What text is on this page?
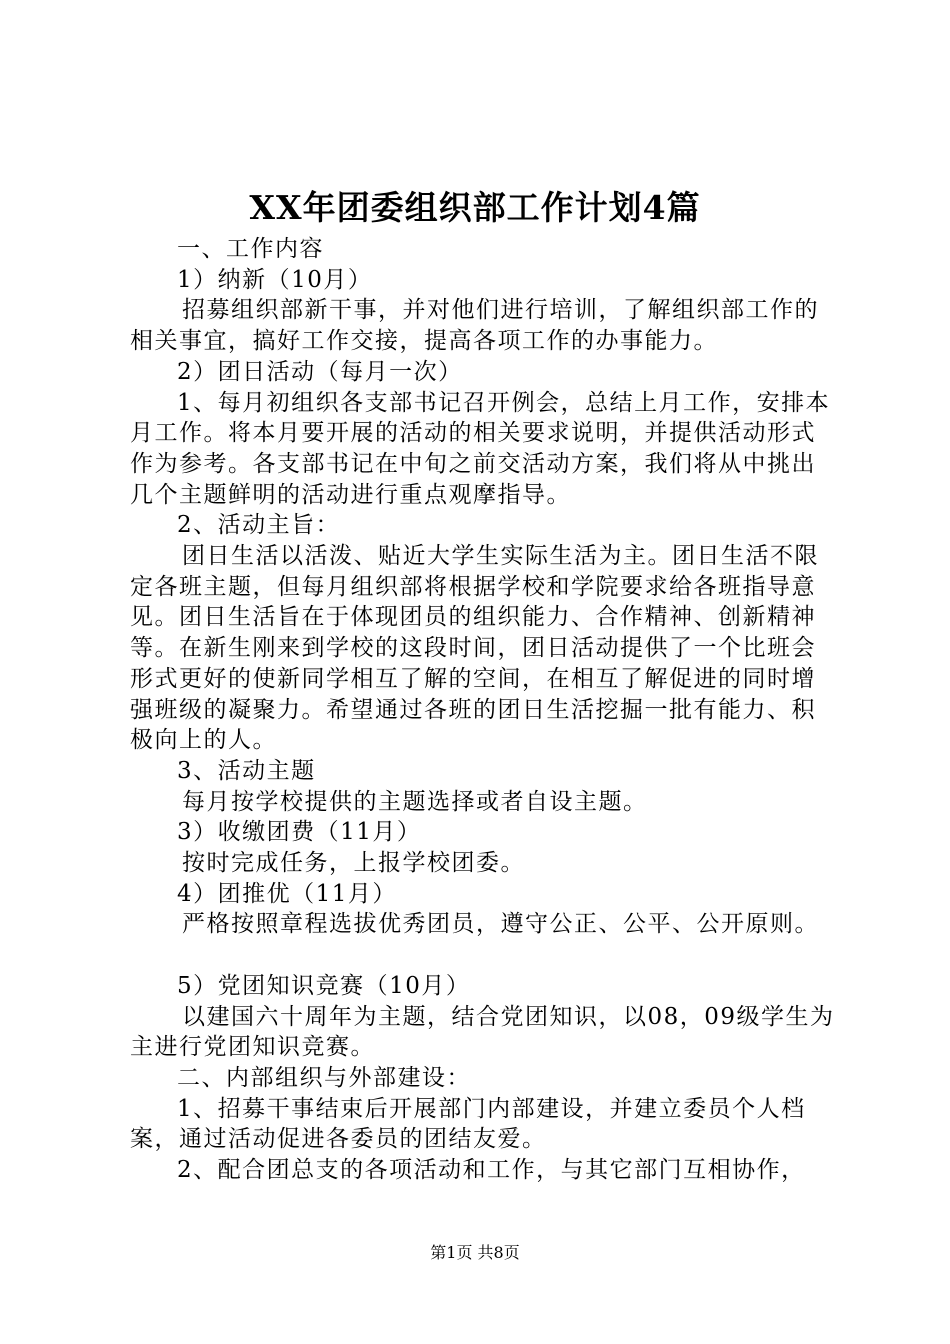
XX年团委组织部工作计划4篇

一、工作内容

1）纳新（10月）

招募组织部新干事，并对他们进行培训，了解组织部工作的相关事宜，搞好工作交接，提高各项工作的办事能力。

2）团日活动（每月一次）

1、每月初组织各支部书记召开例会，总结上月工作，安排本月工作。将本月要开展的活动的相关要求说明，并提供活动形式作为参考。各支部书记在中旬之前交活动方案，我们将从中挑出几个主题鲜明的活动进行重点观摩指导。

2、活动主旨：

团日生活以活泼、贴近大学生实际生活为主。团日生活不限定各班主题，但每月组织部将根据学校和学院要求给各班指导意见。团日生活旨在于体现团员的组织能力、合作精神、创新精神等。在新生刚来到学校的这段时间，团日活动提供了一个比班会形式更好的使新同学相互了解的空间，在相互了解促进的同时增强班级的凝聚力。希望通过各班的团日生活挖掘一批有能力、积极向上的人。

3、活动主题

每月按学校提供的主题选择或者自设主题。

3）收缴团费（11月）

按时完成任务，上报学校团委。

4）团推优（11月）

严格按照章程选拔优秀团员，遵守公正、公平、公开原则。

5）党团知识竞赛（10月）

以建国六十周年为主题，结合党团知识，以08，09级学生为主进行党团知识竞赛。

二、内部组织与外部建设：

1、招募干事结束后开展部门内部建设，并建立委员个人档案，通过活动促进各委员的团结友爱。

2、配合团总支的各项活动和工作，与其它部门互相协作，

第1页 共8页
